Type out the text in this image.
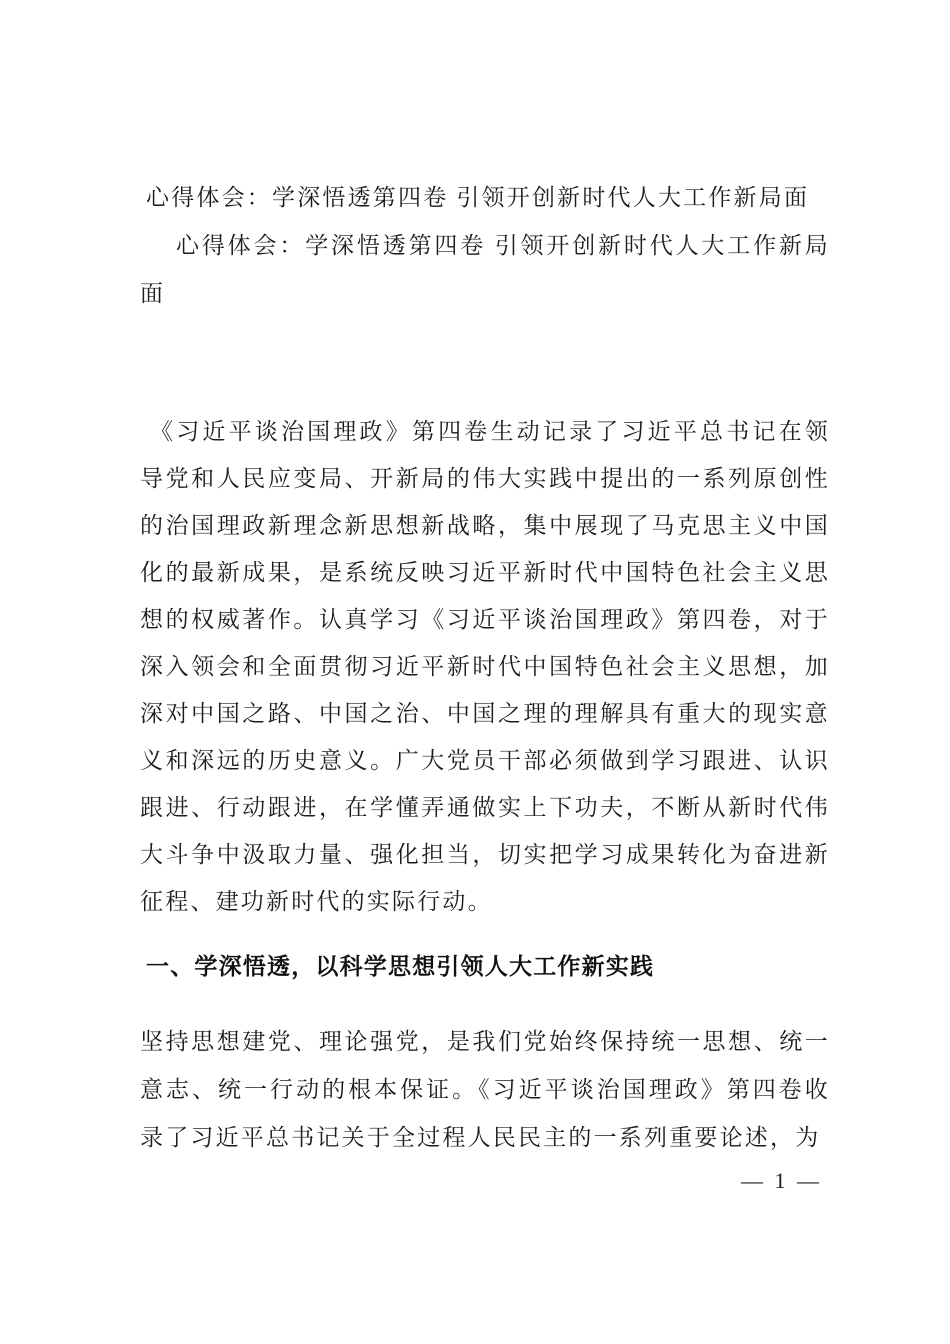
心得体会：学深悟透第四卷 引领开创新时代人大工作新局面

心得体会：学深悟透第四卷 引领开创新时代人大工作新局面

《习近平谈治国理政》第四卷生动记录了习近平总书记在领导党和人民应变局、开新局的伟大实践中提出的一系列原创性的治国理政新理念新思想新战略，集中展现了马克思主义中国化的最新成果，是系统反映习近平新时代中国特色社会主义思想的权威著作。认真学习《习近平谈治国理政》第四卷，对于深入领会和全面贯彻习近平新时代中国特色社会主义思想，加深对中国之路、中国之治、中国之理的理解具有重大的现实意义和深远的历史意义。广大党员干部必须做到学习跟进、认识跟进、行动跟进，在学懂弄通做实上下功夫，不断从新时代伟大斗争中汲取力量、强化担当，切实把学习成果转化为奋进新征程、建功新时代的实际行动。

一、学深悟透，以科学思想引领人大工作新实践

坚持思想建党、理论强党，是我们党始终保持统一思想、统一意志、统一行动的根本保证。《习近平谈治国理政》第四卷收录了习近平总书记关于全过程人民民主的一系列重要论述，为

— 1 —
